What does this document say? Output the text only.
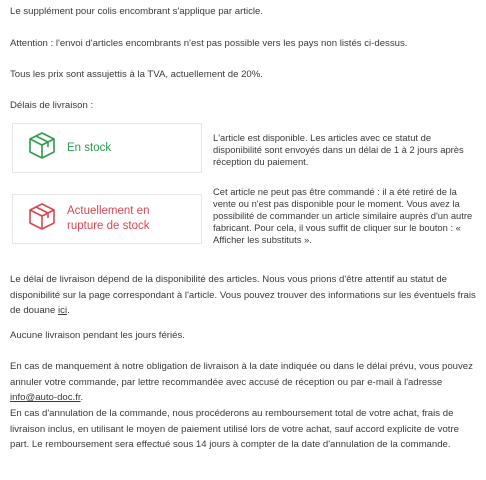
Le supplément pour colis encombrant s'applique par article.

Attention : l'envoi d'articles encombrants n'est pas possible vers les pays non listés ci-dessus.

Tous les prix sont assujettis à la TVA, actuellement de 20%.

Délais de livraison :

En stock

L'article est disponible. Les articles avec ce statut de disponibilité sont envoyés dans un délai de 1 à 2 jours après réception du paiement.

Actuellement en rupture de stock

Cet article ne peut pas être commandé : il a été retiré de la vente ou n'est pas disponible pour le moment. Vous avez la possibilité de commander un article similaire auprès d'un autre fabricant. Pour cela, il vous suffit de cliquer sur le bouton : « Afficher les substituts ».

Le délai de livraison dépend de la disponibilité des articles. Nous vous prions d'être attentif au statut de disponibilité sur la page correspondant à l'article. Vous pouvez trouver des informations sur les éventuels frais de douane ici.

Aucune livraison pendant les jours fériés.

En cas de manquement à notre obligation de livraison à la date indiquée ou dans le délai prévu, vous pouvez annuler votre commande, par lettre recommandée avec accusé de réception ou par e-mail à l'adresse info@auto-doc.fr.

En cas d'annulation de la commande, nous procéderons au remboursement total de votre achat, frais de livraison inclus, en utilisant le moyen de paiement utilisé lors de votre achat, sauf accord explicite de votre part. Le remboursement sera effectué sous 14 jours à compter de la date d'annulation de la commande.
